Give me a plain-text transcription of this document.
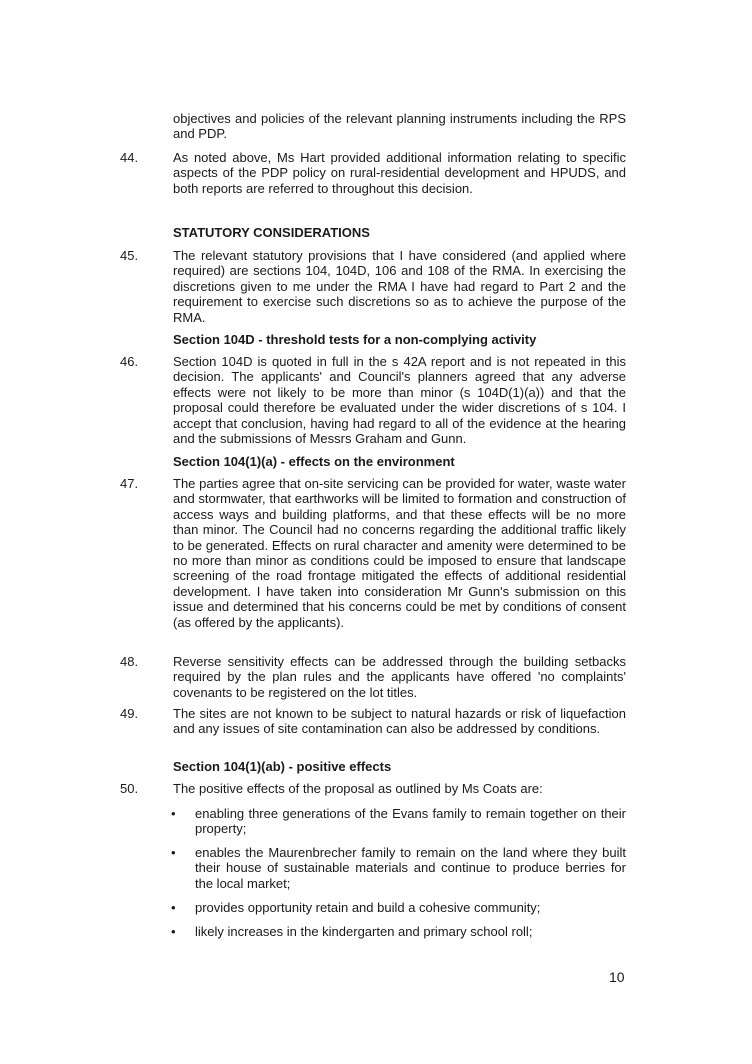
objectives and policies of the relevant planning instruments including the RPS and PDP.

44.	As noted above, Ms Hart provided additional information relating to specific aspects of the PDP policy on rural-residential development and HPUDS, and both reports are referred to throughout this decision.

STATUTORY CONSIDERATIONS

45.	The relevant statutory provisions that I have considered (and applied where required) are sections 104, 104D, 106 and 108 of the RMA. In exercising the discretions given to me under the RMA I have had regard to Part 2 and the requirement to exercise such discretions so as to achieve the purpose of the RMA.

Section 104D - threshold tests for a non-complying activity

46.	Section 104D is quoted in full in the s 42A report and is not repeated in this decision. The applicants' and Council's planners agreed that any adverse effects were not likely to be more than minor (s 104D(1)(a)) and that the proposal could therefore be evaluated under the wider discretions of s 104. I accept that conclusion, having had regard to all of the evidence at the hearing and the submissions of Messrs Graham and Gunn.

Section 104(1)(a) - effects on the environment

47.	The parties agree that on-site servicing can be provided for water, waste water and stormwater, that earthworks will be limited to formation and construction of access ways and building platforms, and that these effects will be no more than minor. The Council had no concerns regarding the additional traffic likely to be generated. Effects on rural character and amenity were determined to be no more than minor as conditions could be imposed to ensure that landscape screening of the road frontage mitigated the effects of additional residential development. I have taken into consideration Mr Gunn's submission on this issue and determined that his concerns could be met by conditions of consent (as offered by the applicants).

48.	Reverse sensitivity effects can be addressed through the building setbacks required by the plan rules and the applicants have offered 'no complaints' covenants to be registered on the lot titles.

49.	The sites are not known to be subject to natural hazards or risk of liquefaction and any issues of site contamination can also be addressed by conditions.

Section 104(1)(ab) - positive effects

50.	The positive effects of the proposal as outlined by Ms Coats are:

• enabling three generations of the Evans family to remain together on their property;

• enables the Maurenbrecher family to remain on the land where they built their house of sustainable materials and continue to produce berries for the local market;

• provides opportunity retain and build a cohesive community;

• likely increases in the kindergarten and primary school roll;

10
